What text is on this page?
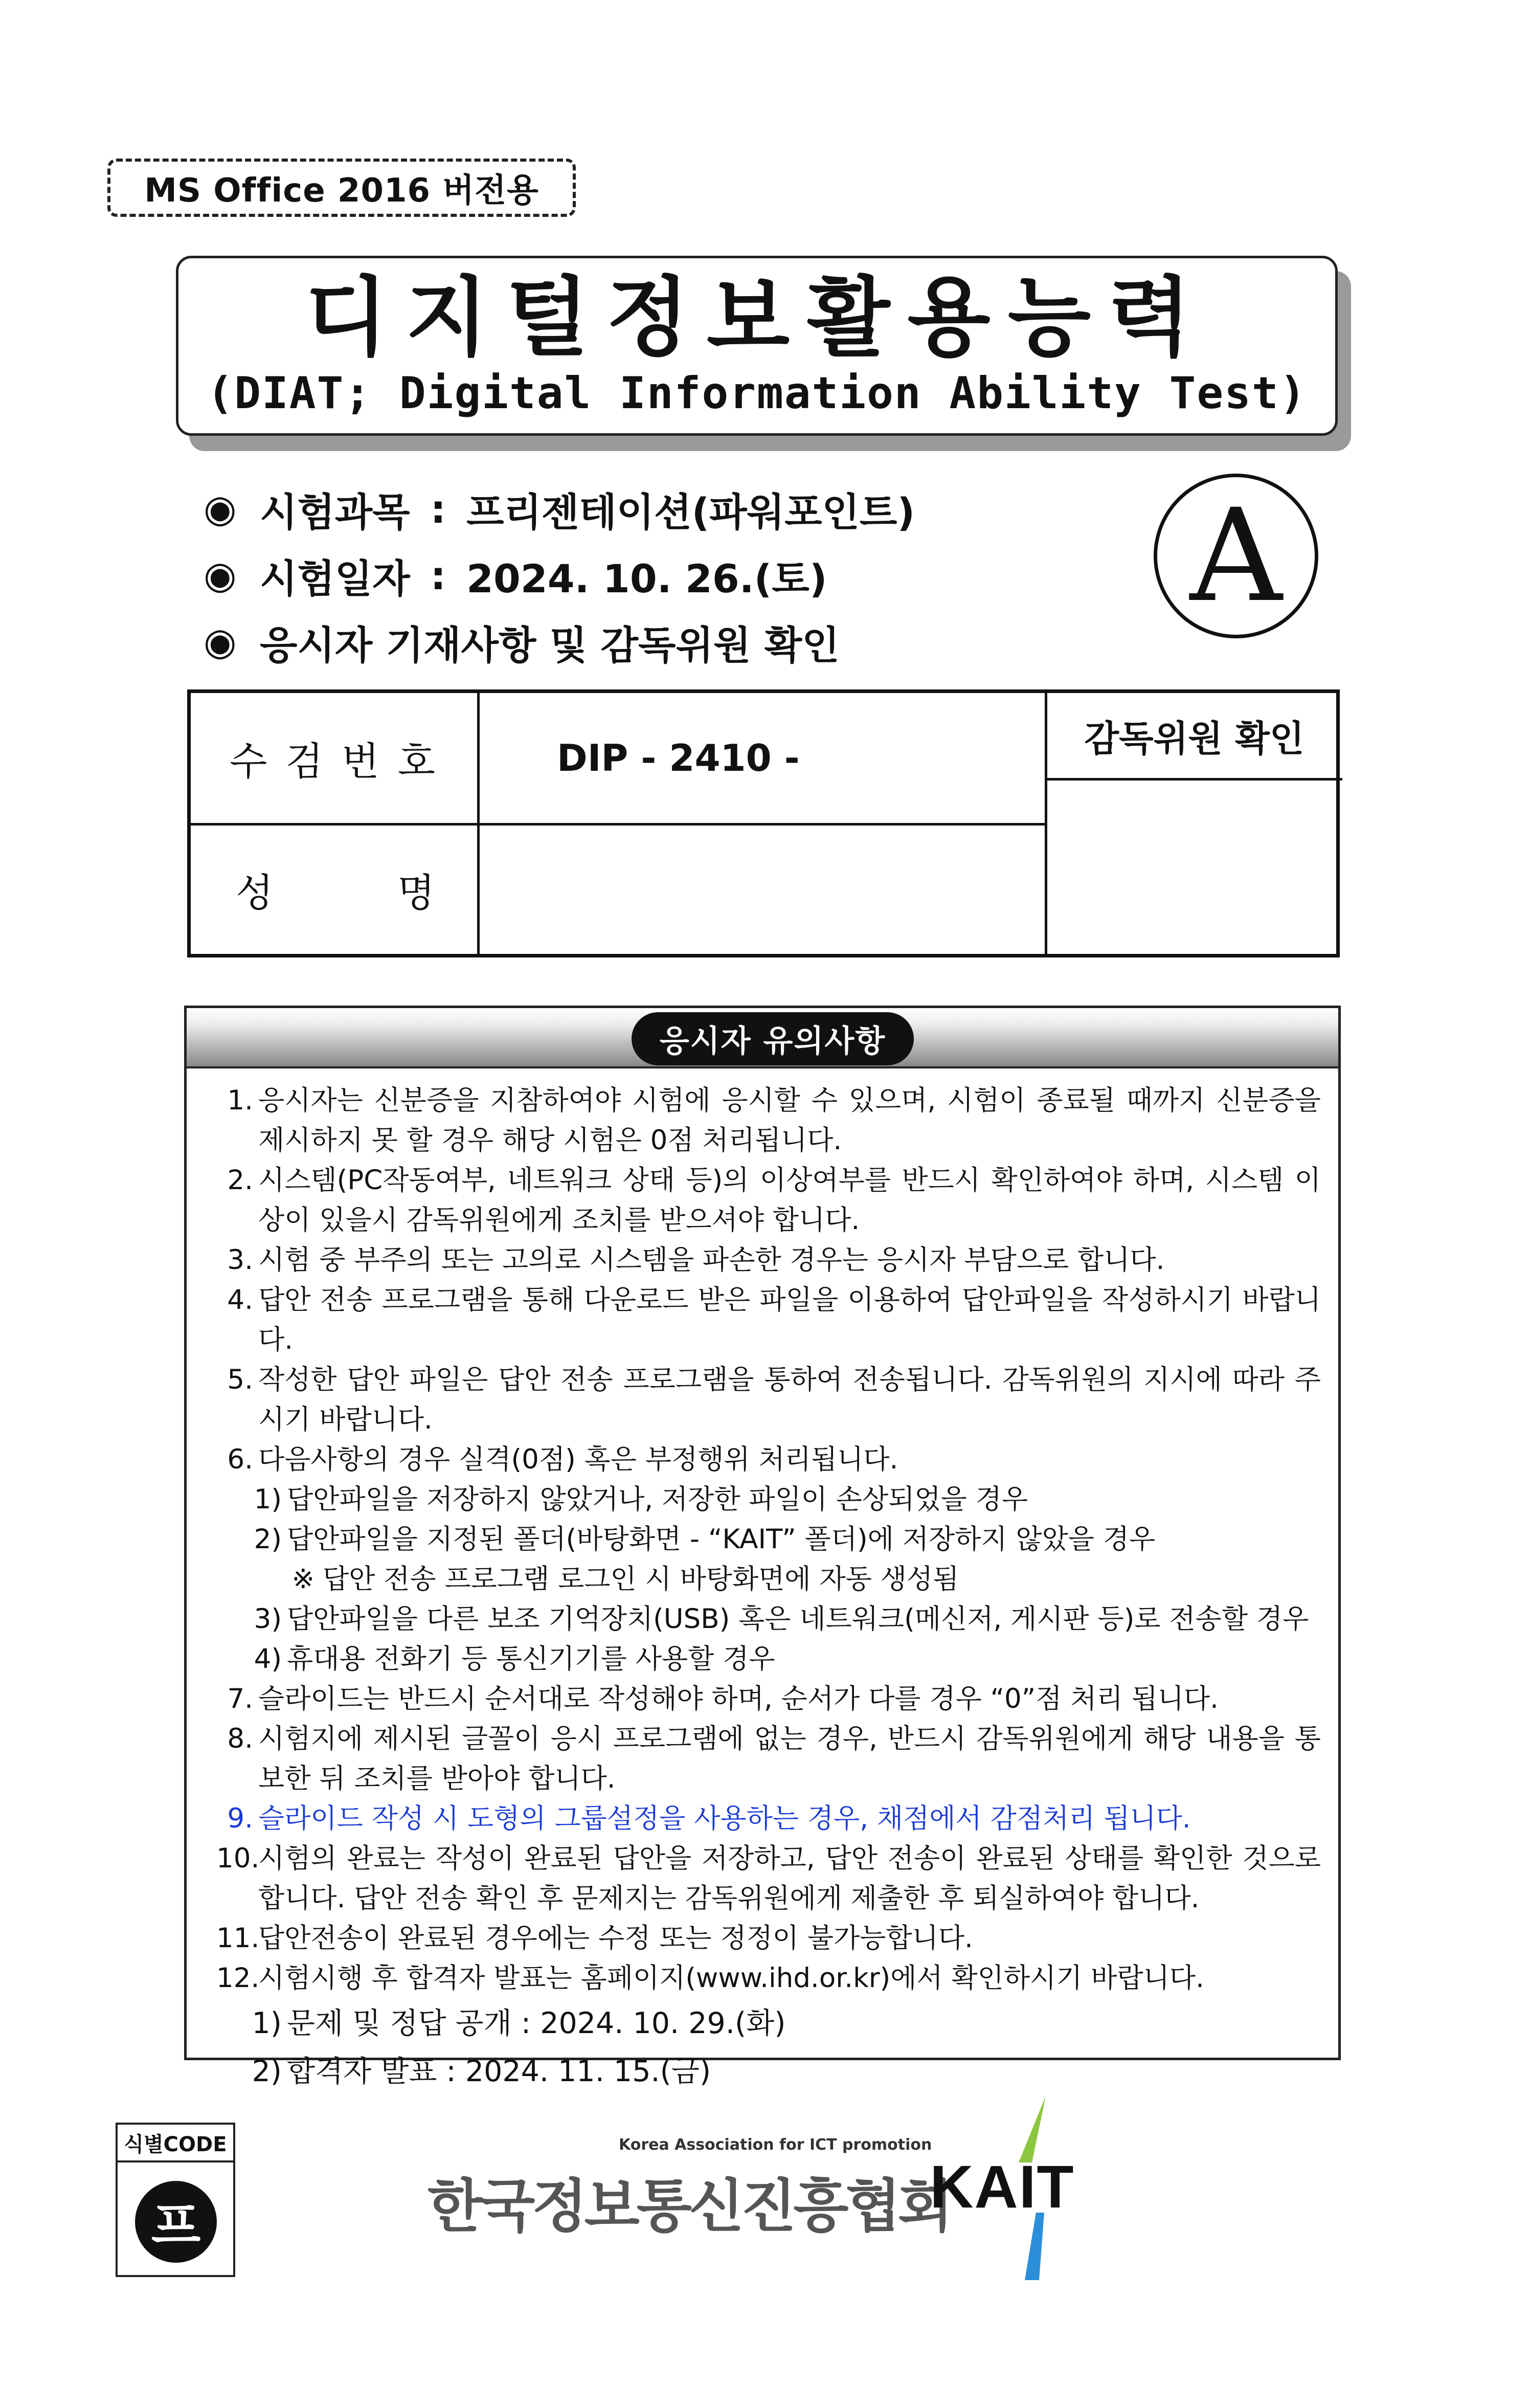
MS Office 2016 버전용
디지털정보활용능력
(DIAT; Digital Information Ability Test)
◉ 시험과목 : 프리젠테이션(파워포인트)
◉ 시험일자 : 2024. 10. 26.(토)
◉ 응시자 기재사항 및 감독위원 확인
A
수 검 번 호	DIP - 2410 -
성	명
감독위원 확인
응시자 유의사항
1. 응시자는 신분증을 지참하여야 시험에 응시할 수 있으며, 시험이 종료될 때까지 신분증을 제시하지 못 할 경우 해당 시험은 0점 처리됩니다.
2. 시스템(PC작동여부, 네트워크 상태 등)의 이상여부를 반드시 확인하여야 하며, 시스템 이상이 있을시 감독위원에게 조치를 받으셔야 합니다.
3. 시험 중 부주의 또는 고의로 시스템을 파손한 경우는 응시자 부담으로 합니다.
4. 답안 전송 프로그램을 통해 다운로드 받은 파일을 이용하여 답안파일을 작성하시기 바랍니다.
5. 작성한 답안 파일은 답안 전송 프로그램을 통하여 전송됩니다. 감독위원의 지시에 따라 주시기 바랍니다.
6. 다음사항의 경우 실격(0점) 혹은 부정행위 처리됩니다.
1) 답안파일을 저장하지 않았거나, 저장한 파일이 손상되었을 경우
2) 답안파일을 지정된 폴더(바탕화면 - “KAIT” 폴더)에 저장하지 않았을 경우
※ 답안 전송 프로그램 로그인 시 바탕화면에 자동 생성됨
3) 답안파일을 다른 보조 기억장치(USB) 혹은 네트워크(메신저, 게시판 등)로 전송할 경우
4) 휴대용 전화기 등 통신기기를 사용할 경우
7. 슬라이드는 반드시 순서대로 작성해야 하며, 순서가 다를 경우 “0”점 처리 됩니다.
8. 시험지에 제시된 글꼴이 응시 프로그램에 없는 경우, 반드시 감독위원에게 해당 내용을 통보한 뒤 조치를 받아야 합니다.
9. 슬라이드 작성 시 도형의 그룹설정을 사용하는 경우, 채점에서 감점처리 됩니다.
10.
시험의 완료는 작성이 완료된 답안을 저장하고, 답안 전송이 완료된 상태를 확인한 것으로 합니다. 답안 전송 확인 후 문제지는 감독위원에게 제출한 후 퇴실하여야 합니다.
11.
답안전송이 완료된 경우에는 수정 또는 정정이 불가능합니다.
12.
시험시행 후 합격자 발표는 홈페이지(www.ihd.or.kr)에서 확인하시기 바랍니다.
1) 문제 및 정답 공개 : 2024. 10. 29.(화)
2) 합격자 발표 : 2024. 11. 15.(금)
식별CODE
프
Korea Association for ICT promotion
한국정보통신진흥협회
KAIT
